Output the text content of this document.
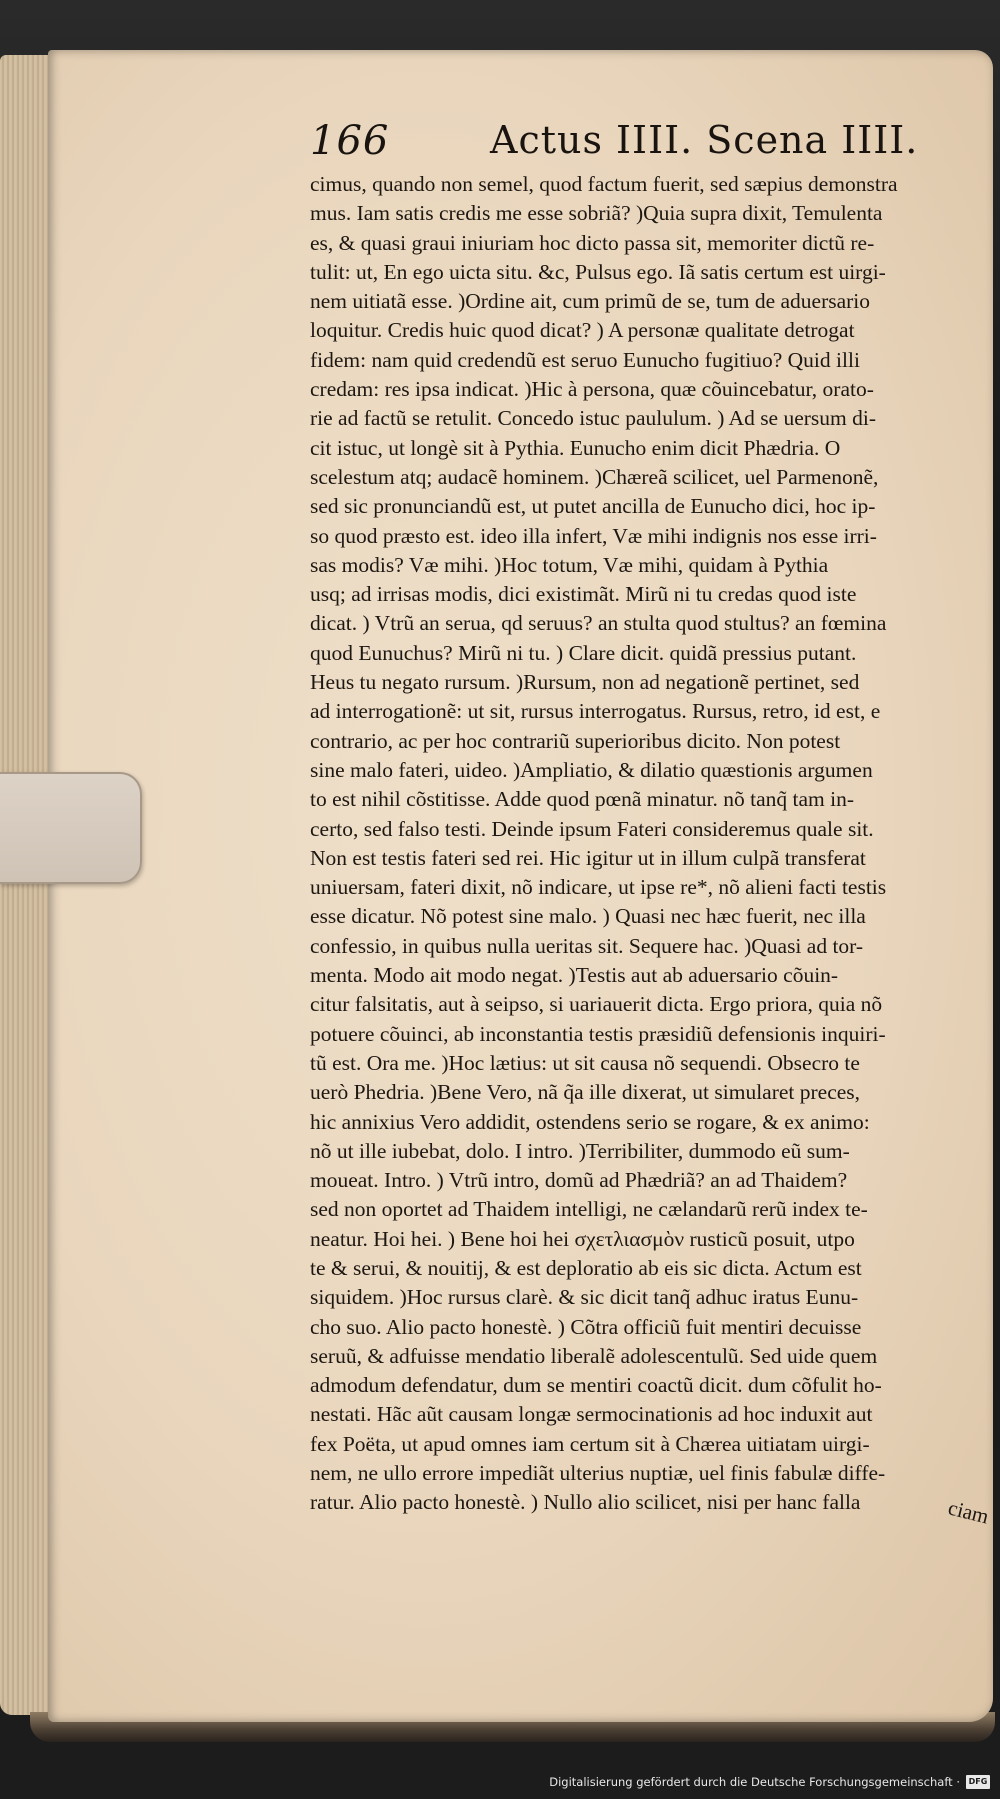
166	Actus IIII. Scena IIII.
cimus, quando non semel, quod factum fuerit, sed sæpius demonstra
mus. Iam satis credis me esse sobriã? )Quia supra dixit, Temulenta
es, & quasi graui iniuriam hoc dicto passa sit, memoriter dictũ re-
tulit: ut, En ego uicta situ. &c, Pulsus ego. Iã satis certum est uirgi-
nem uitiatã esse. )Ordine ait, cum primũ de se, tum de aduersario
loquitur. Credis huic quod dicat? ) A personæ qualitate detrogat
fidem: nam quid credendũ est seruo Eunucho fugitiuo? Quid illi
credam: res ipsa indicat. )Hic à persona, quæ cõuincebatur, orato-
rie ad factũ se retulit. Concedo istuc paululum. ) Ad se uersum di-
cit istuc, ut longè sit à Pythia. Eunucho enim dicit Phædria. O
scelestum atq; audacẽ hominem. )Chæreã scilicet, uel Parmenonẽ,
sed sic pronunciandũ est, ut putet ancilla de Eunucho dici, hoc ip-
so quod præsto est. ideo illa infert, Væ mihi indignis nos esse irri-
sas modis? Væ mihi. )Hoc totum, Væ mihi, quidam à Pythia
usq; ad irrisas modis, dici existimãt. Mirũ ni tu credas quod iste
dicat. ) Vtrũ an serua, qd seruus? an stulta quod stultus? an fœmina
quod Eunuchus? Mirũ ni tu. ) Clare dicit. quidã pressius putant.
Heus tu negato rursum. )Rursum, non ad negationẽ pertinet, sed
ad interrogationẽ: ut sit, rursus interrogatus. Rursus, retro, id est, e
contrario, ac per hoc contrariũ superioribus dicito. Non potest
sine malo fateri, uideo. )Ampliatio, & dilatio quæstionis argumen
to est nihil cõstitisse. Adde quod pœnã minatur. nõ tanq̃ tam in-
certo, sed falso testi. Deinde ipsum Fateri consideremus quale sit.
Non est testis fateri sed rei. Hic igitur ut in illum culpã transferat
uniuersam, fateri dixit, nõ indicare, ut ipse re*, nõ alieni facti testis
esse dicatur. Nõ potest sine malo. ) Quasi nec hæc fuerit, nec illa
confessio, in quibus nulla ueritas sit. Sequere hac. )Quasi ad tor-
menta. Modo ait modo negat. )Testis aut ab aduersario cõuin-
citur falsitatis, aut à seipso, si uariauerit dicta. Ergo priora, quia nõ
potuere cõuinci, ab inconstantia testis præsidiũ defensionis inquiri-
tũ est. Ora me. )Hoc lætius: ut sit causa nõ sequendi. Obsecro te
uerò Phedria. )Bene Vero, nã q̃a ille dixerat, ut simularet preces,
hic annixius Vero addidit, ostendens serio se rogare, & ex animo:
nõ ut ille iubebat, dolo. I intro. )Terribiliter, dummodo eũ sum-
moueat. Intro. ) Vtrũ intro, domũ ad Phædriã? an ad Thaidem?
sed non oportet ad Thaidem intelligi, ne cælandarũ rerũ index te-
neatur. Hoi hei. ) Bene hoi hei σχετλιασμὸν rusticũ posuit, utpo
te & serui, & nouitij, & est deploratio ab eis sic dicta. Actum est
siquidem. )Hoc rursus clarè. & sic dicit tanq̃ adhuc iratus Eunu-
cho suo. Alio pacto honestè. ) Cõtra officiũ fuit mentiri decuisse
seruũ, & adfuisse mendatio liberalẽ adolescentulũ. Sed uide quem
admodum defendatur, dum se mentiri coactũ dicit. dum cõfulit ho-
nestati. Hãc aũt causam longæ sermocinationis ad hoc induxit aut
fex Poëta, ut apud omnes iam certum sit à Chærea uitiatam uirgi-
nem, ne ullo errore impediãt ulterius nuptiæ, uel finis fabulæ diffe-
ratur. Alio pacto honestè. ) Nullo alio scilicet, nisi per hanc falla	ciam
Digitalisierung gefördert durch die Deutsche Forschungsgemeinschaft ·	DFG
